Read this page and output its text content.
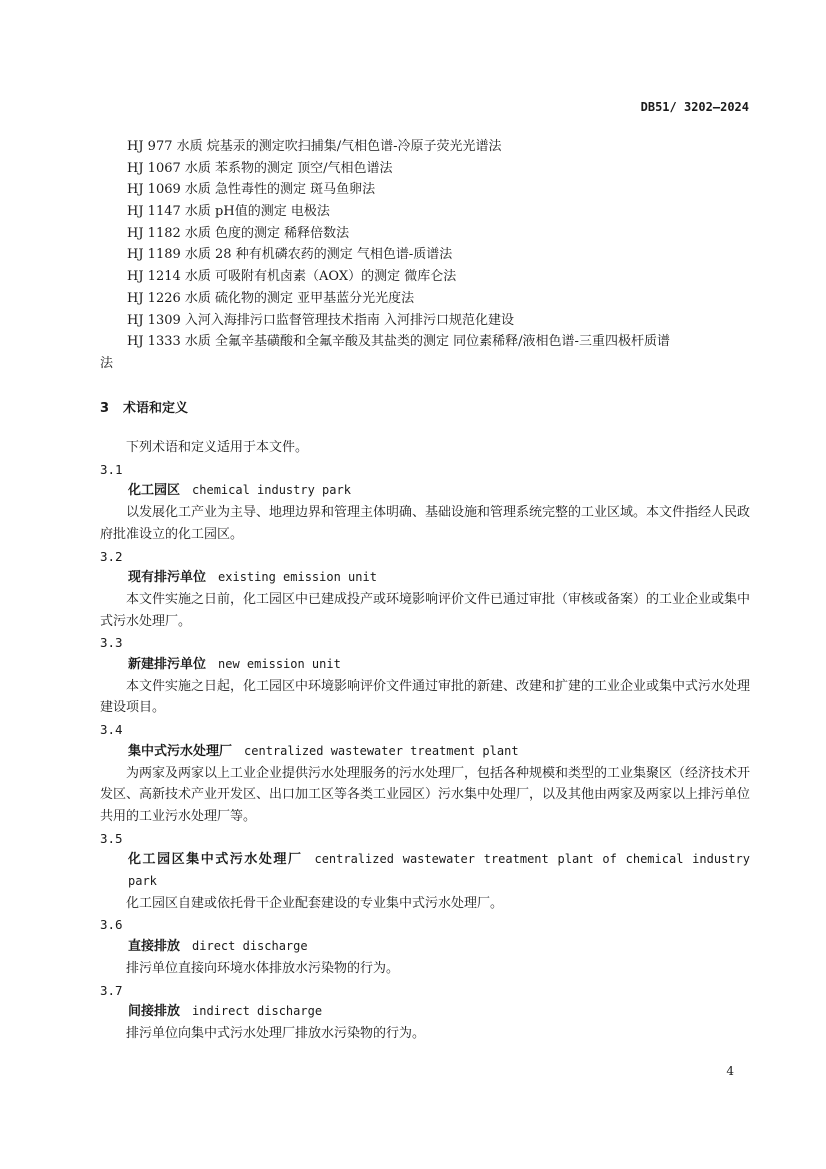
DB51/ 3202—2024
HJ 977 水质 烷基汞的测定吹扫捕集/气相色谱-冷原子荧光光谱法
HJ 1067 水质 苯系物的测定 顶空/气相色谱法
HJ 1069 水质 急性毒性的测定 斑马鱼卵法
HJ 1147 水质 pH值的测定 电极法
HJ 1182 水质 色度的测定 稀释倍数法
HJ 1189 水质 28 种有机磷农药的测定 气相色谱-质谱法
HJ 1214 水质 可吸附有机卤素（AOX）的测定 微库仑法
HJ 1226 水质 硫化物的测定 亚甲基蓝分光光度法
HJ 1309 入河入海排污口监督管理技术指南 入河排污口规范化建设
HJ 1333 水质 全氟辛基磺酸和全氟辛酸及其盐类的测定 同位素稀释/液相色谱-三重四极杆质谱
法
3 术语和定义
下列术语和定义适用于本文件。
3.1
化工园区 chemical industry park
以发展化工产业为主导、地理边界和管理主体明确、基础设施和管理系统完整的工业区域。本文件指经人民政府批准设立的化工园区。
3.2
现有排污单位 existing emission unit
本文件实施之日前，化工园区中已建成投产或环境影响评价文件已通过审批（审核或备案）的工业企业或集中式污水处理厂。
3.3
新建排污单位 new emission unit
本文件实施之日起，化工园区中环境影响评价文件通过审批的新建、改建和扩建的工业企业或集中式污水处理建设项目。
3.4
集中式污水处理厂 centralized wastewater treatment plant
为两家及两家以上工业企业提供污水处理服务的污水处理厂，包括各种规模和类型的工业集聚区（经济技术开发区、高新技术产业开发区、出口加工区等各类工业园区）污水集中处理厂，以及其他由两家及两家以上排污单位共用的工业污水处理厂等。
3.5
化工园区集中式污水处理厂 centralized wastewater treatment plant of chemical industry park
化工园区自建或依托骨干企业配套建设的专业集中式污水处理厂。
3.6
直接排放 direct discharge
排污单位直接向环境水体排放水污染物的行为。
3.7
间接排放 indirect discharge
排污单位向集中式污水处理厂排放水污染物的行为。
4
